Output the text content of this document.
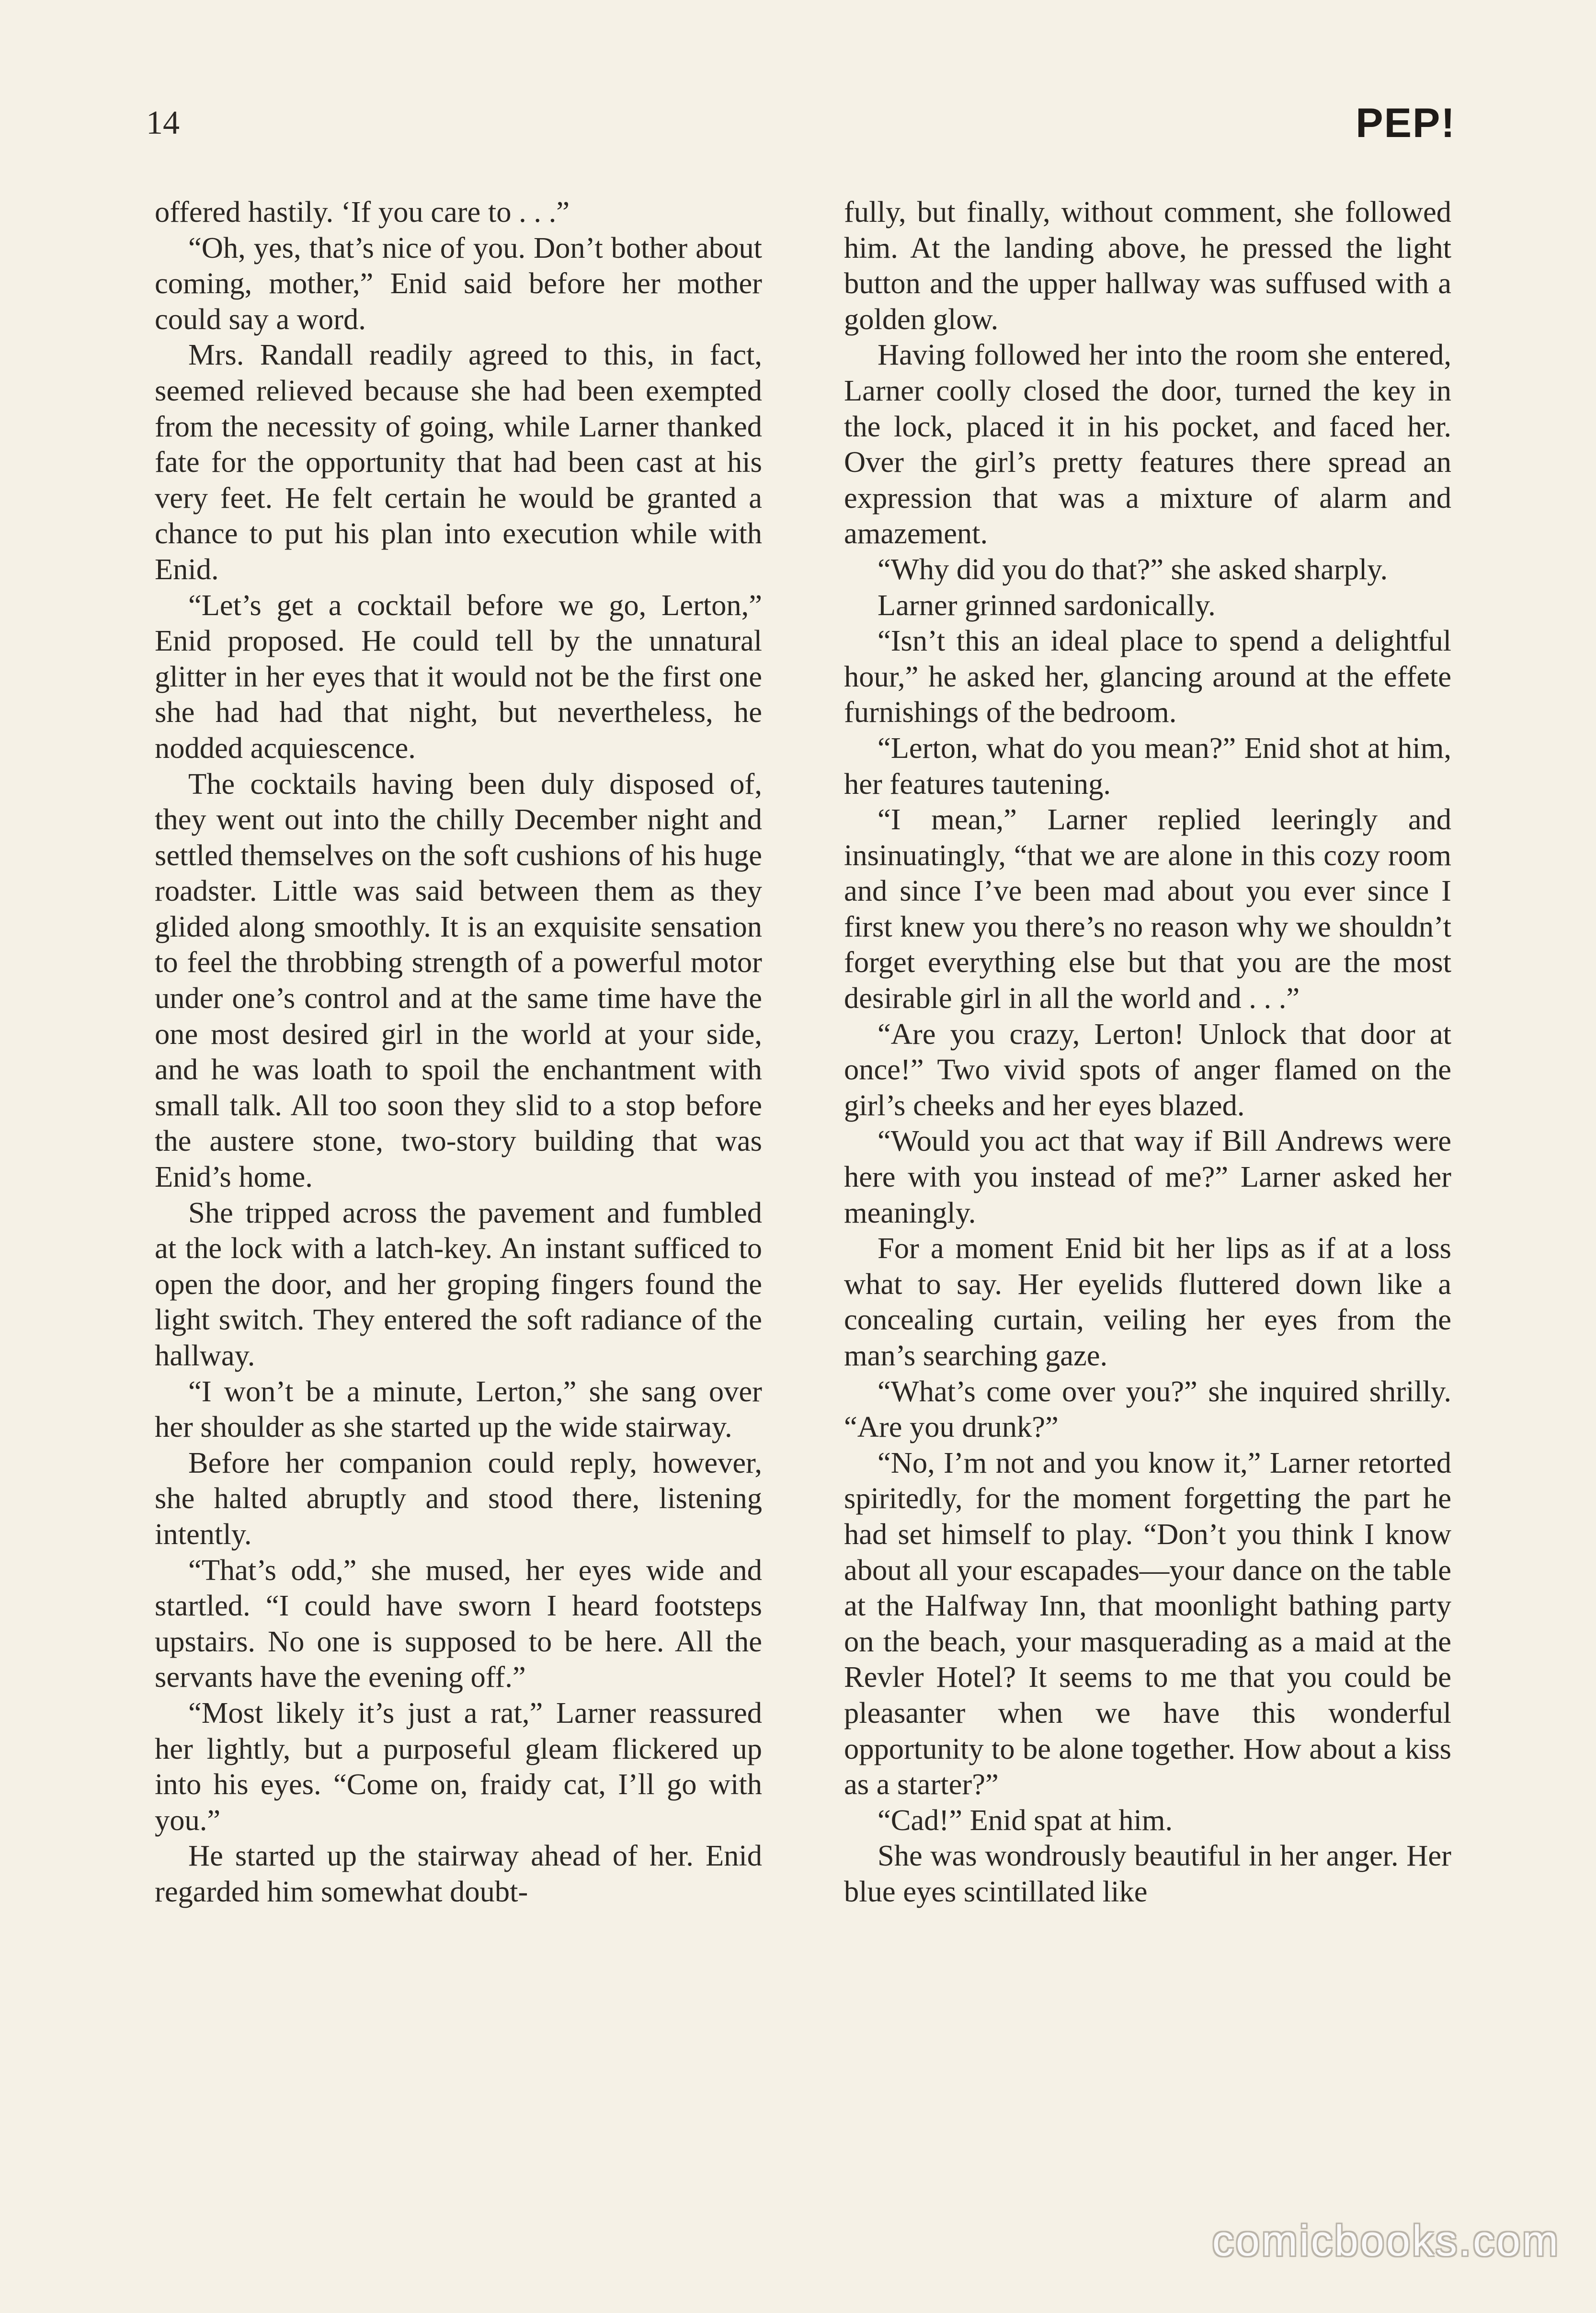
14	PEP!

offered hastily. ‘If you care to . . .”

“Oh, yes, that’s nice of you. Don’t bother about coming, mother,” Enid said before her mother could say a word.

Mrs. Randall readily agreed to this, in fact, seemed relieved because she had been exempted from the necessity of going, while Larner thanked fate for the opportunity that had been cast at his very feet. He felt certain he would be granted a chance to put his plan into execution while with Enid.

“Let’s get a cocktail before we go, Lerton,” Enid proposed. He could tell by the unnatural glitter in her eyes that it would not be the first one she had had that night, but nevertheless, he nodded acquiescence.

The cocktails having been duly disposed of, they went out into the chilly December night and settled themselves on the soft cushions of his huge roadster. Little was said between them as they glided along smoothly. It is an exquisite sensation to feel the throbbing strength of a powerful motor under one’s control and at the same time have the one most desired girl in the world at your side, and he was loath to spoil the enchantment with small talk. All too soon they slid to a stop before the austere stone, two-story building that was Enid’s home.

She tripped across the pavement and fumbled at the lock with a latch-key. An instant sufficed to open the door, and her groping fingers found the light switch. They entered the soft radiance of the hallway.

“I won’t be a minute, Lerton,” she sang over her shoulder as she started up the wide stairway.

Before her companion could reply, however, she halted abruptly and stood there, listening intently.

“That’s odd,” she mused, her eyes wide and startled. “I could have sworn I heard footsteps upstairs. No one is supposed to be here. All the servants have the evening off.”

“Most likely it’s just a rat,” Larner reassured her lightly, but a purposeful gleam flickered up into his eyes. “Come on, fraidy cat, I’ll go with you.”

He started up the stairway ahead of her. Enid regarded him somewhat doubt-

fully, but finally, without comment, she followed him. At the landing above, he pressed the light button and the upper hallway was suffused with a golden glow.

Having followed her into the room she entered, Larner coolly closed the door, turned the key in the lock, placed it in his pocket, and faced her. Over the girl’s pretty features there spread an expression that was a mixture of alarm and amazement.

“Why did you do that?” she asked sharply.

Larner grinned sardonically.

“Isn’t this an ideal place to spend a delightful hour,” he asked her, glancing around at the effete furnishings of the bedroom.

“Lerton, what do you mean?” Enid shot at him, her features tautening.

“I mean,” Larner replied leeringly and insinuatingly, “that we are alone in this cozy room and since I’ve been mad about you ever since I first knew you there’s no reason why we shouldn’t forget everything else but that you are the most desirable girl in all the world and . . .”

“Are you crazy, Lerton! Unlock that door at once!” Two vivid spots of anger flamed on the girl’s cheeks and her eyes blazed.

“Would you act that way if Bill Andrews were here with you instead of me?” Larner asked her meaningly.

For a moment Enid bit her lips as if at a loss what to say. Her eyelids fluttered down like a concealing curtain, veiling her eyes from the man’s searching gaze.

“What’s come over you?” she inquired shrilly. “Are you drunk?”

“No, I’m not and you know it,” Larner retorted spiritedly, for the moment forgetting the part he had set himself to play. “Don’t you think I know about all your escapades—your dance on the table at the Halfway Inn, that moonlight bathing party on the beach, your masquerading as a maid at the Revler Hotel? It seems to me that you could be pleasanter when we have this wonderful opportunity to be alone together. How about a kiss as a starter?”

“Cad!” Enid spat at him.

She was wondrously beautiful in her anger. Her blue eyes scintillated like

comicbooks.com
